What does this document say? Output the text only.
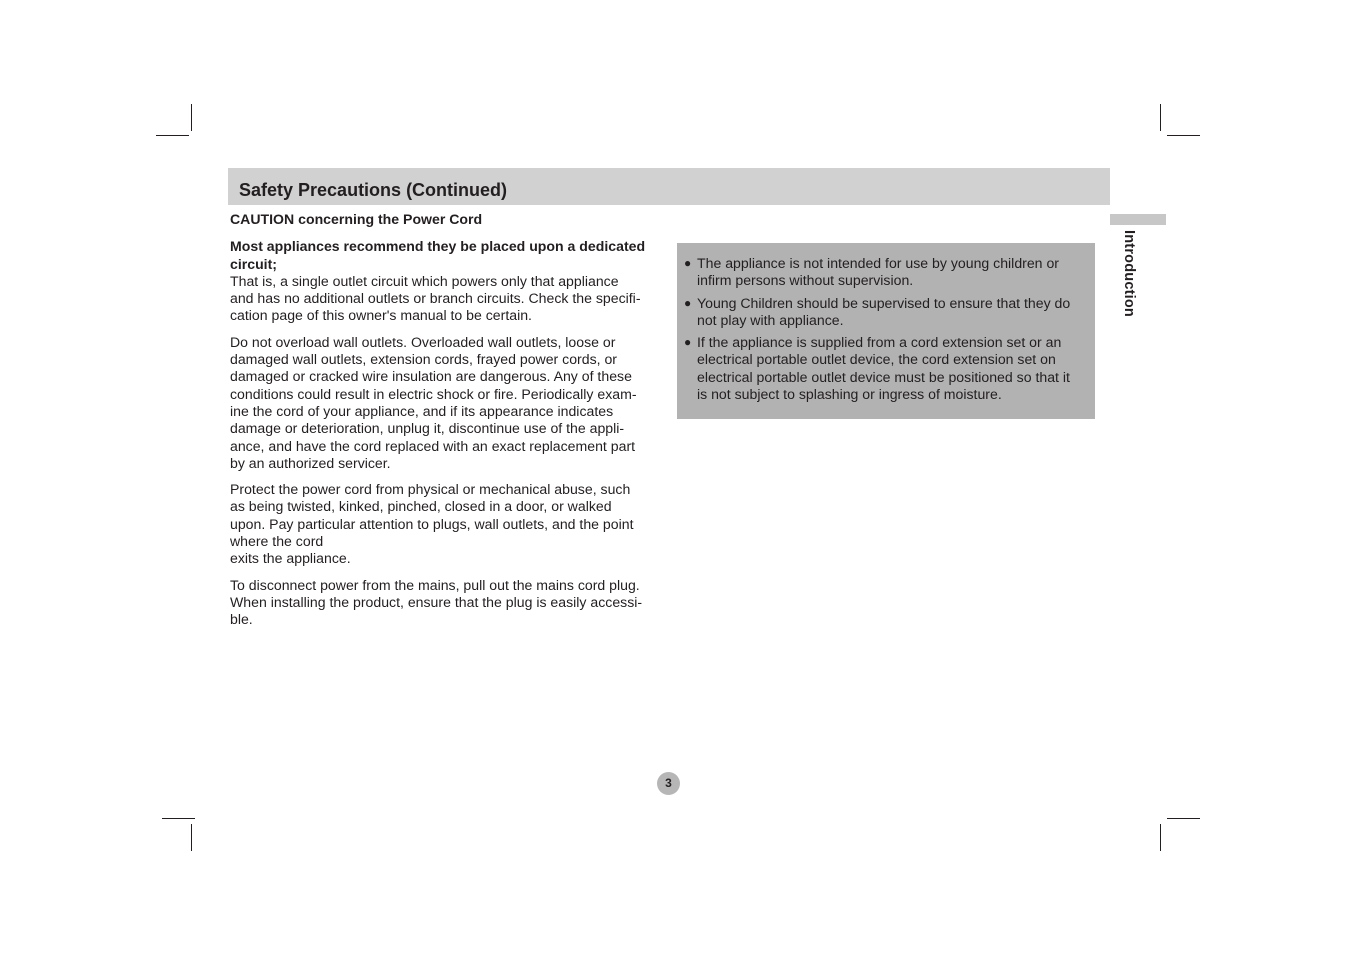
Safety Precautions (Continued)

CAUTION concerning the Power Cord

Most appliances recommend they be placed upon a dedicated circuit;
That is, a single outlet circuit which powers only that appliance
and has no additional outlets or branch circuits. Check the specifi-
cation page of this owner's manual to be certain.

Do not overload wall outlets. Overloaded wall outlets, loose or
damaged wall outlets, extension cords, frayed power cords, or
damaged or cracked wire insulation are dangerous. Any of these
conditions could result in electric shock or fire. Periodically exam-
ine the cord of your appliance, and if its appearance indicates
damage or deterioration, unplug it, discontinue use of the appli-
ance, and have the cord replaced with an exact replacement part
by an authorized servicer.

Protect the power cord from physical or mechanical abuse, such
as being twisted, kinked, pinched, closed in a door, or walked
upon. Pay particular attention to plugs, wall outlets, and the point
where the cord
exits the appliance.

To disconnect power from the mains, pull out the mains cord plug.
When installing the product, ensure that the plug is easily accessi-
ble.

● The appliance is not intended for use by young children or
infirm persons without supervision.
● Young Children should be supervised to ensure that they do
not play with appliance.
● If the appliance is supplied from a cord extension set or an
electrical portable outlet device, the cord extension set on
electrical portable outlet device must be positioned so that it
is not subject to splashing or ingress of moisture.
Introduction
3
